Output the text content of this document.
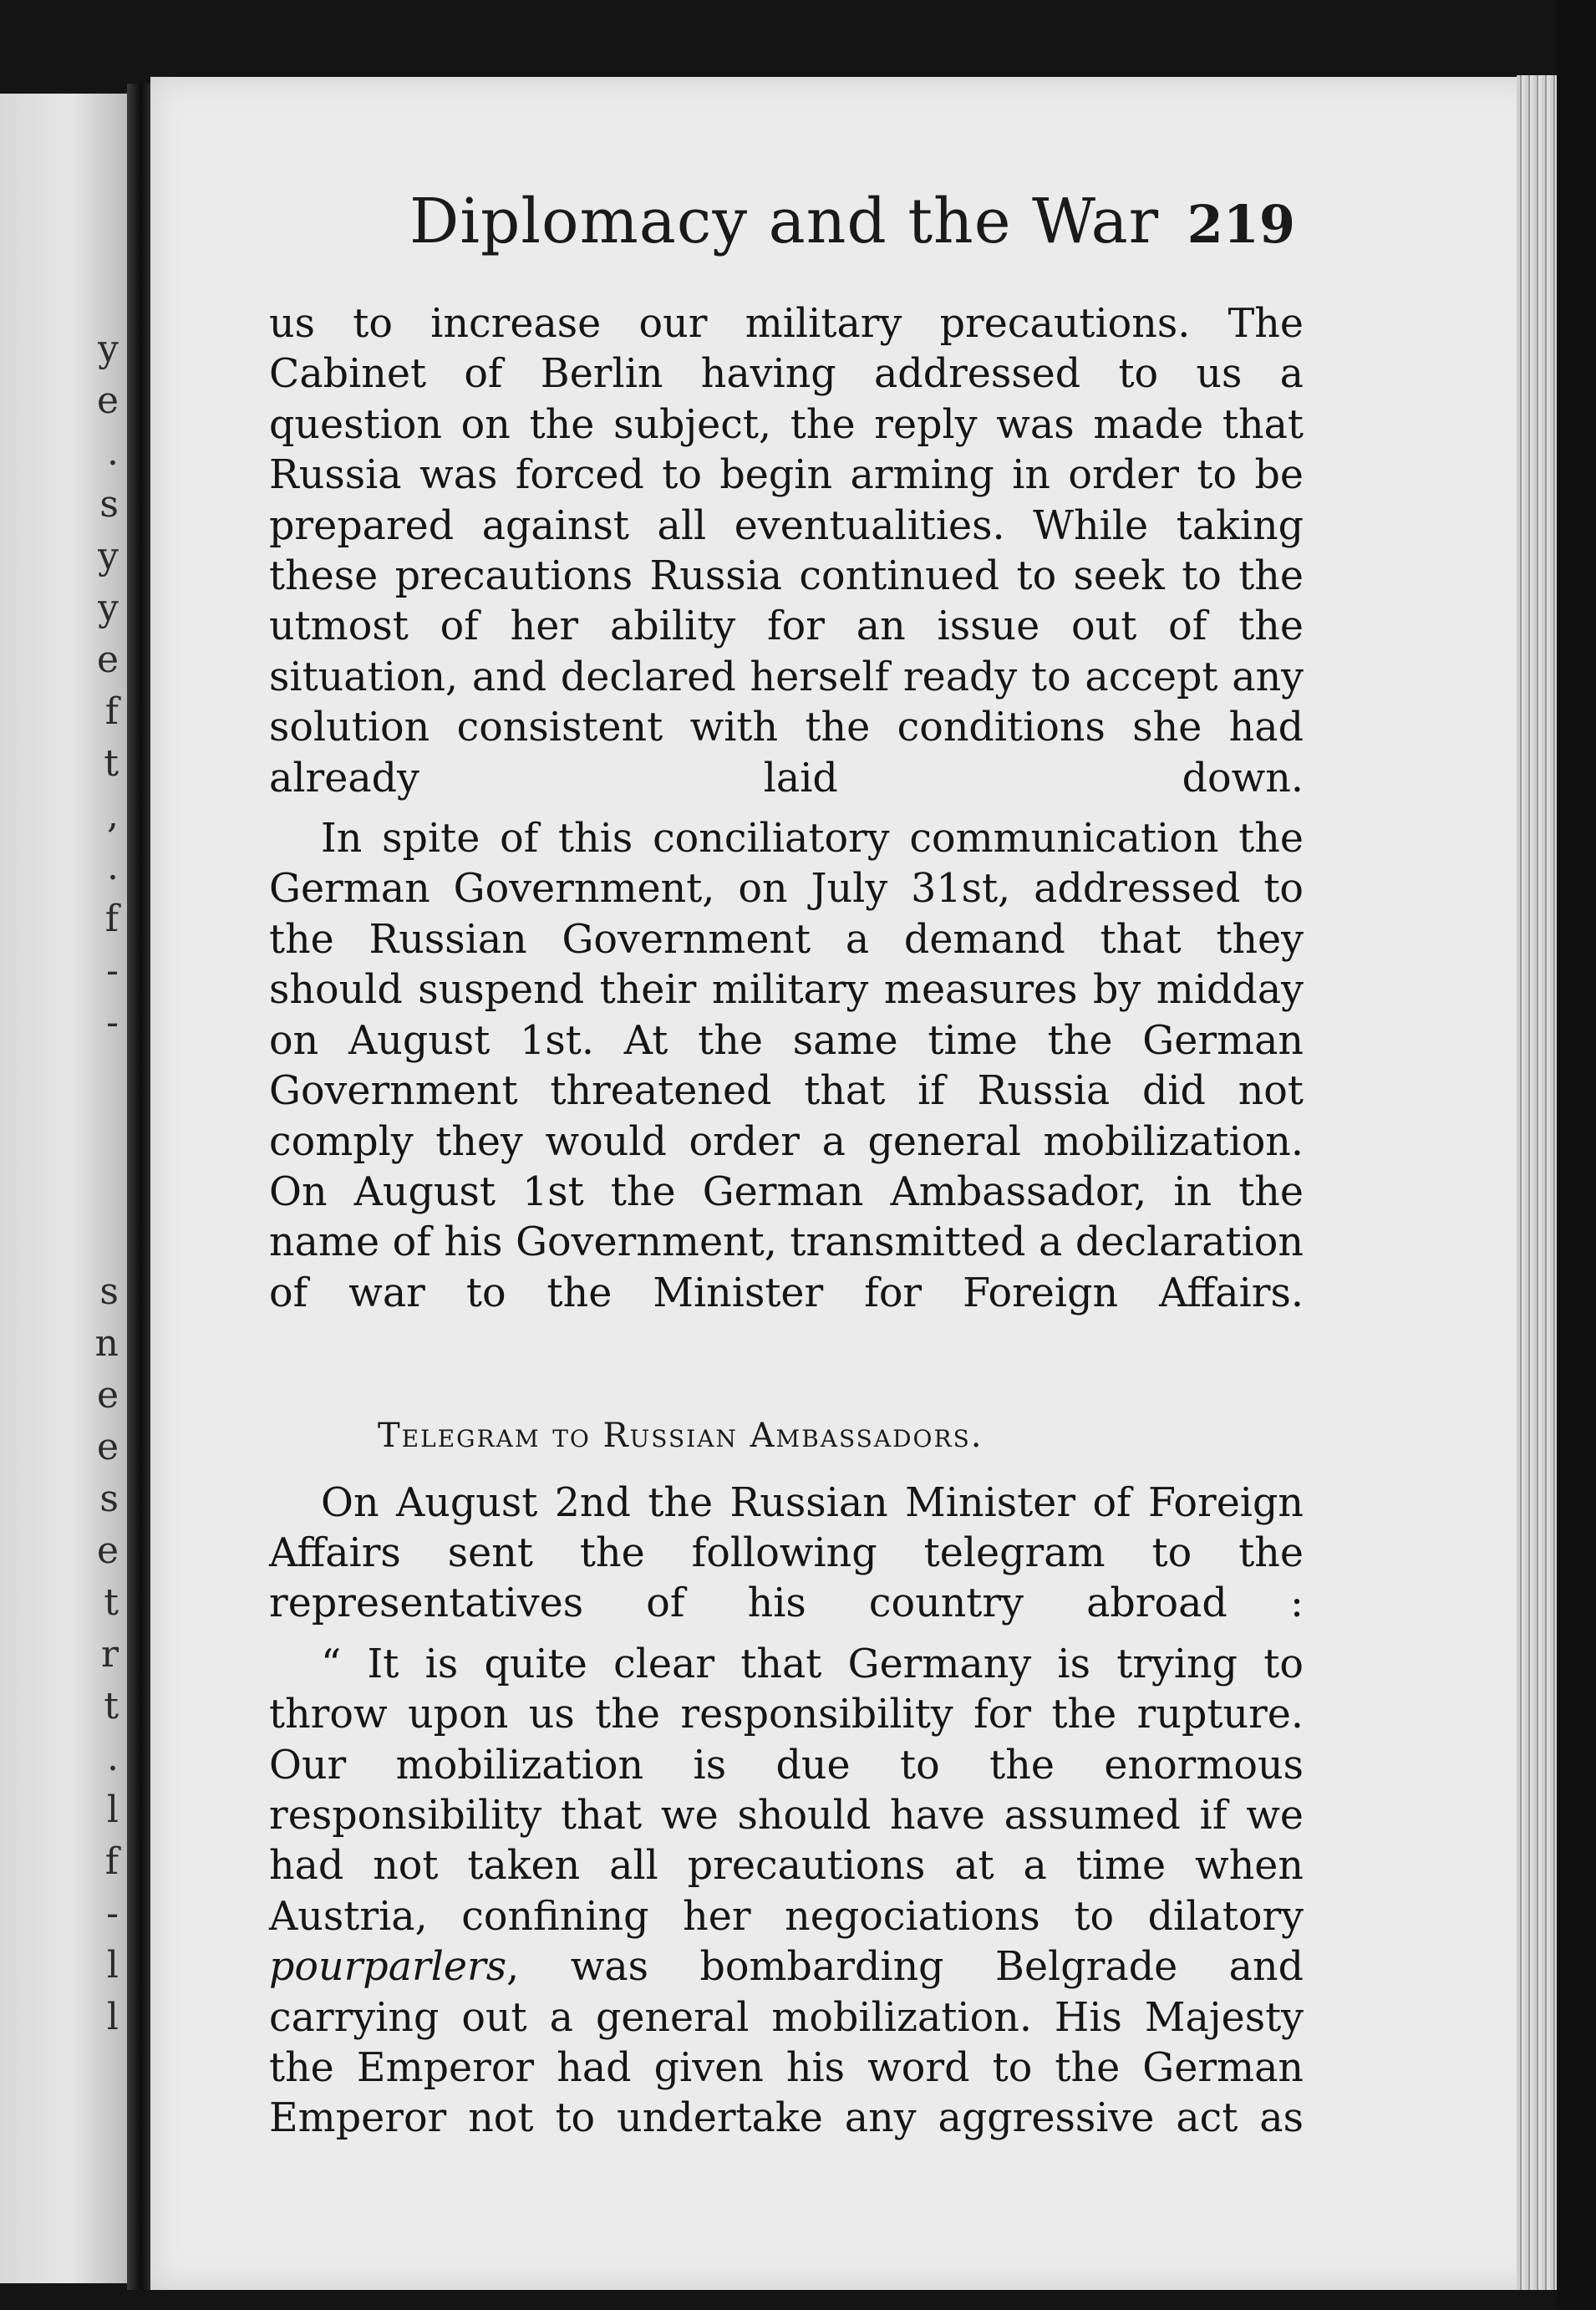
y
e
.
s
y
y
e
f
t
,
.
f
-
-
s
n
e
e
s
e
t
r
t
.
l
f
-
l
l
Diplomacy and the War 219

us to increase our military precautions. The Cabinet of Berlin having addressed to us a question on the subject, the reply was made that Russia was forced to begin arming in order to be prepared against all eventualities. While taking these precautions Russia continued to seek to the utmost of her ability for an issue out of the situation, and declared herself ready to accept any solution consistent with the conditions she had already laid down.

In spite of this conciliatory communication the German Government, on July 31st, addressed to the Russian Government a demand that they should suspend their military measures by midday on August 1st. At the same time the German Government threatened that if Russia did not comply they would order a general mobilization. On August 1st the German Ambassador, in the name of his Government, transmitted a declaration of war to the Minister for Foreign Affairs.

Telegram to Russian Ambassadors.

On August 2nd the Russian Minister of Foreign Affairs sent the following telegram to the representatives of his country abroad :

“ It is quite clear that Germany is trying to throw upon us the responsibility for the rupture. Our mobilization is due to the enormous responsibility that we should have assumed if we had not taken all precautions at a time when Austria, confining her negociations to dilatory pourparlers, was bombarding Belgrade and carrying out a general mobilization. His Majesty the Emperor had given his word to the German Emperor not to undertake any aggressive act as
